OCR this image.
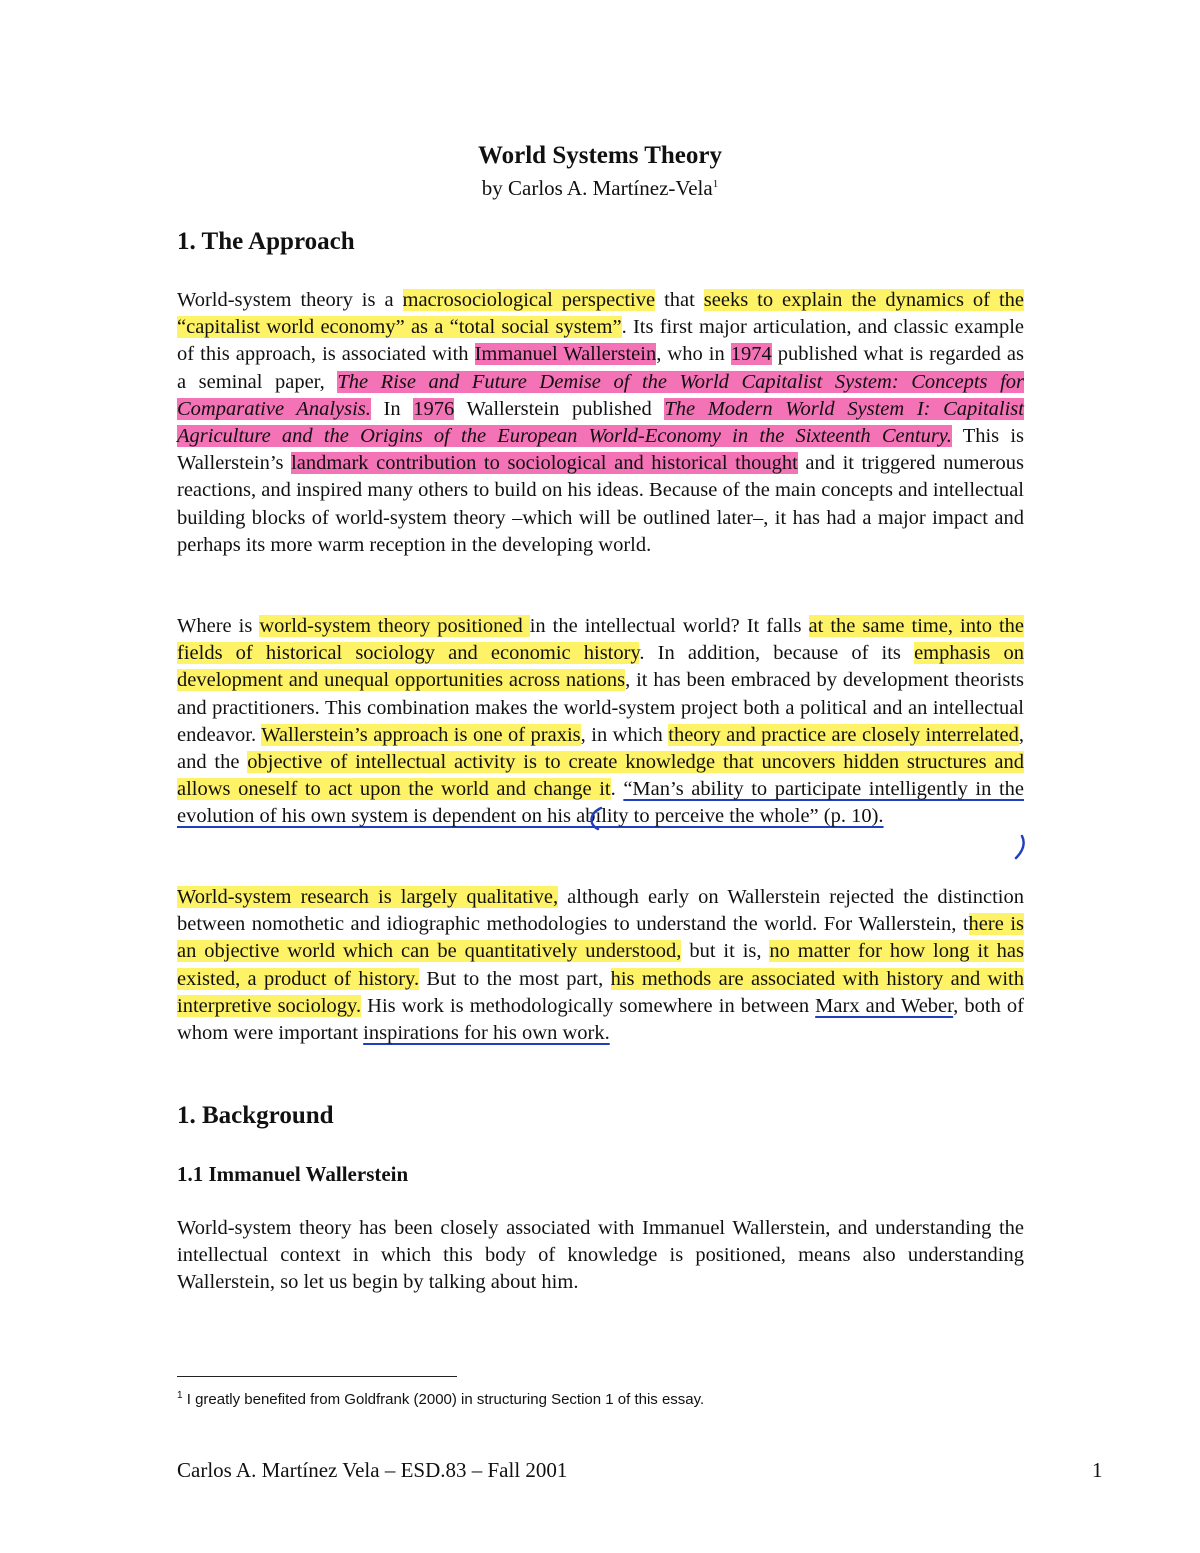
World Systems Theory
by Carlos A. Martínez-Vela$^1$
1. The Approach

World-system theory is a macrosociological perspective that seeks to explain the dynamics of the “capitalist world economy” as a “total social system”. Its first major articulation, and classic example of this approach, is associated with Immanuel Wallerstein, who in 1974 published what is regarded as a seminal paper, The Rise and Future Demise of the World Capitalist System: Concepts for Comparative Analysis. In 1976 Wallerstein published The Modern World System I: Capitalist Agriculture and the Origins of the European World-Economy in the Sixteenth Century. This is Wallerstein’s landmark contribution to sociological and historical thought and it triggered numerous reactions, and inspired many others to build on his ideas. Because of the main concepts and intellectual building blocks of world-system theory –which will be outlined later–, it has had a major impact and perhaps its more warm reception in the developing world.

Where is world-system theory positioned in the intellectual world? It falls at the same time, into the fields of historical sociology and economic history. In addition, because of its emphasis on development and unequal opportunities across nations, it has been embraced by development theorists and practitioners. This combination makes the world-system project both a political and an intellectual endeavor. Wallerstein’s approach is one of praxis, in which theory and practice are closely interrelated, and the objective of intellectual activity is to create knowledge that uncovers hidden structures and allows oneself to act upon the world and change it. “Man’s ability to participate intelligently in the evolution of his own system is dependent on his ability to perceive the whole” (p. 10).

World-system research is largely qualitative, although early on Wallerstein rejected the distinction between nomothetic and idiographic methodologies to understand the world. For Wallerstein, there is an objective world which can be quantitatively understood, but it is, no matter for how long it has existed, a product of history. But to the most part, his methods are associated with history and with interpretive sociology. His work is methodologically somewhere in between Marx and Weber, both of whom were important inspirations for his own work.

1. Background
1.1 Immanuel Wallerstein

World-system theory has been closely associated with Immanuel Wallerstein, and understanding the intellectual context in which this body of knowledge is positioned, means also understanding Wallerstein, so let us begin by talking about him.

$^1$ I greatly benefited from Goldfrank (2000) in structuring Section 1 of this essay.
Carlos A. Martínez Vela – ESD.83 – Fall 2001	1
